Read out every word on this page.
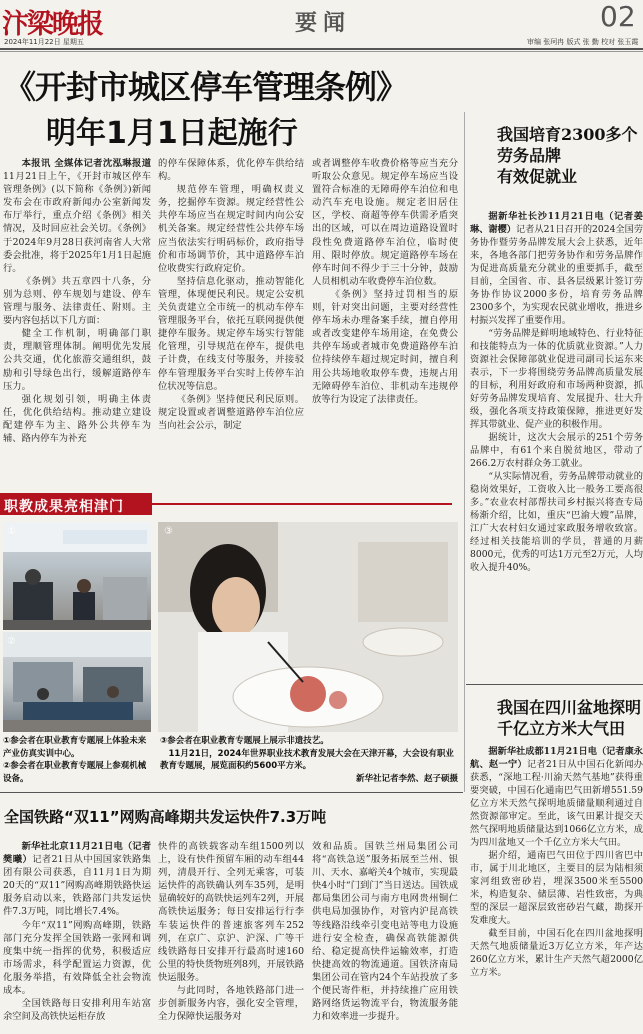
汴梁晚报
2024年11月22日 星期五
要闻	02
审编 张珂冉 版式 张 勤 校对 张玉霞
《开封市城区停车管理条例》
明年1月1日起施行

本报讯 全媒体记者沈泓琳报道 11月21日上午，《开封市城区停车管理条例》(以下简称《条例》)新闻发布会在市政府新闻办公室新闻发布厅举行，重点介绍《条例》相关情况，及时回应社会关切。《条例》于2024年9月28日获河南省人大常委会批准，将于2025年1月1日起施行。

《条例》共五章四十八条，分别为总则、停车规划与建设、停车管理与服务、法律责任、附则。主要内容包括以下几方面：

健全工作机制，明确部门职责，理顺管理体制。阐明优先发展公共交通，优化旅游交通组织，鼓励和引导绿色出行，缓解道路停车压力。

强化规划引领，明确主体责任，优化供给结构。推动建立建设配建停车为主、路外公共停车为辅、路内停车为补充

的停车保障体系，优化停车供给结构。

规范停车管理，明确权责义务，挖掘停车资源。规定经营性公共停车场应当在规定时间内向公安机关备案。规定经营性公共停车场应当依法实行明码标价，政府指导价和市场调节价，其中道路停车泊位收费实行政府定价。

坚持信息化驱动，推动智能化管理，体现便民利民。规定公安机关负责建立全市统一的机动车停车管理服务平台，依托互联网提供便捷停车服务。规定停车场实行智能化管理，引导规范在停车，提供电子计费，在线支付等服务，并接驳停车管理服务平台实时上传停车泊位状况等信息。

《条例》坚持便民利民原则。规定设置或者调整道路停车泊位应当向社会公示，制定

或者调整停车收费价格等应当充分听取公众意见。规定停车场应当设置符合标准的无障碍停车泊位和电动汽车充电设施。规定老旧居住区，学校、商超等停车供需矛盾突出的区域，可以在周边道路设置时段性免费道路停车泊位，临时使用、限时停放。规定道路停车场在停车时间不得少于三十分钟，鼓励人员相机动车收费停车泊位数。

《条例》坚持过罚相当的原则，针对突出问题，主要对经营性停车场未办理备案手续，擅自停用或者改变建停车场用途，在免费公共停车场或者城市免费道路停车泊位持续停车超过规定时间，擅自利用公共场地收取停车费，违规占用无障碍停车泊位、非机动车违规停放等行为设定了法律责任。

职教成果亮相津门
①
②
③
①参会者在职业教育专题展上体验未来产业仿真实训中心。
②参会者在职业教育专题展上参观机械设备。
③参会者在职业教育专题展上展示非遗技艺。
11月21日，2024年世界职业技术教育发展大会在天津开幕，大会设有职业教育专题展，展览面积约5600平方米。
新华社记者李然、赵子硕摄
全国铁路“双11”网购高峰期共发运快件7.3万吨

新华社北京11月21日电（记者樊曦）记者21日从中国国家铁路集团有限公司获悉，自11月1日为期20天的“双11”网购高峰期铁路快运服务启动以来，铁路部门共发运快件7.3万吨，同比增长7.4%。

今年“双11”网购高峰期，铁路部门充分发挥全国铁路一张网和调度集中统一指挥的优势，积极适应市场需求，科学配置运力资源，优化服务举措，有效降低全社会物流成本。

全国铁路每日安排利用车站富余空间及高铁快运柜存放

快件的高铁载客动车组1500列以上，设有快件预留车厢的动车组44列，清晨开行、全列无乘客，可装运快件的高铁确认列车35列，是明显确较好的高铁快运列车2列，开展高铁快运服务；每日安排运行行李车装运快件的普速旅客列车252列，在京广、京沪、沪深、广等干线铁路每日安排开行最高时速160公里的特快货物班列8列，开展铁路快运服务。

与此同时，各地铁路部门进一步创新服务内容，强化安全管理，全力保障快运服务对

效和品质。国铁兰州局集团公司将“高铁急送”服务拓展至兰州、银川、天水、嘉峪关4个城市，实现最快4小时“门到门”当日送达。国铁成都局集团公司与南方电网贵州铜仁供电局加强协作，对管内沪昆高铁等线路沿线牵引变电站等电力设施进行安全检查，确保高铁能源供给、稳定提高快件运输效率，打造快捷高效的物流通道。国铁济南局集团公司在管内24个车站投放了多个便民寄件柜，并持续推广应用铁路网络货运物流平台，物流服务能力和效率进一步提升。

我国培育2300多个
劳务品牌
有效促就业

据新华社长沙11月21日电（记者姜琳、谢樱）记者从21日召开的2024全国劳务协作暨劳务品牌发展大会上获悉，近年来，各地各部门把劳务协作和劳务品牌作为促进高质量充分就业的重要抓手，截至目前，全国省、市、县各层级累计签订劳务协作协议2000多份，培育劳务品牌2300多个，为实现农民就业增收，推进乡村振兴发挥了重要作用。

“劳务品牌是鲜明地域特色、行业特征和技能特点为一体的优质就业资源。”人力资源社会保障部就业促进司副司长运东来表示，下一步将围绕劳务品牌高质量发展的目标，利用好政府和市场两种资源，抓好劳务品牌发现培育、发展提升、壮大升级，强化各项支持政策保障，推进更好发挥其带就业、促产业的积极作用。

据统计，这次大会展示的251个劳务品牌中，有61个来自脱贫地区，带动了266.2万农村群众务工就业。

“从实际情况看，劳务品牌带动就业的稳岗效果好，工资收入比一般务工要高很多。”农业农村部帮扶司乡村振兴将查专局杨渐介绍，比如，重庆“巴渝大嫂”品牌，江广大农村妇女通过家政服务增收致富。经过相关技能培训的学员，普通的月薪8000元，优秀的可达1万元至2万元，人均收入提升40%。

我国在四川盆地探明
千亿立方米大气田

据新华社成都11月21日电（记者康永航、赵一宁）记者21日从中国石化新闻办获悉，“深地工程·川渝天然气基地”获得重要突破，中国石化通南巴气田新增551.59亿立方米天然气探明地质储量顺利通过自然资源部审定。至此，该气田累计提交天然气探明地质储量达到1066亿立方米，成为四川盆地又一个千亿立方米大气田。

据介绍，通南巴气田位于四川省巴中市，属于川北地区，主要目的层为陆相须家河组致密砂岩，埋深3500米至5500米，构造复杂、储层薄、岩性致密，为典型的深层一超深层致密砂岩气藏，勘探开发难度大。

截至目前，中国石化在四川盆地探明天然气地质储量近3万亿立方米，年产达260亿立方米，累计生产天然气超2000亿立方米。
